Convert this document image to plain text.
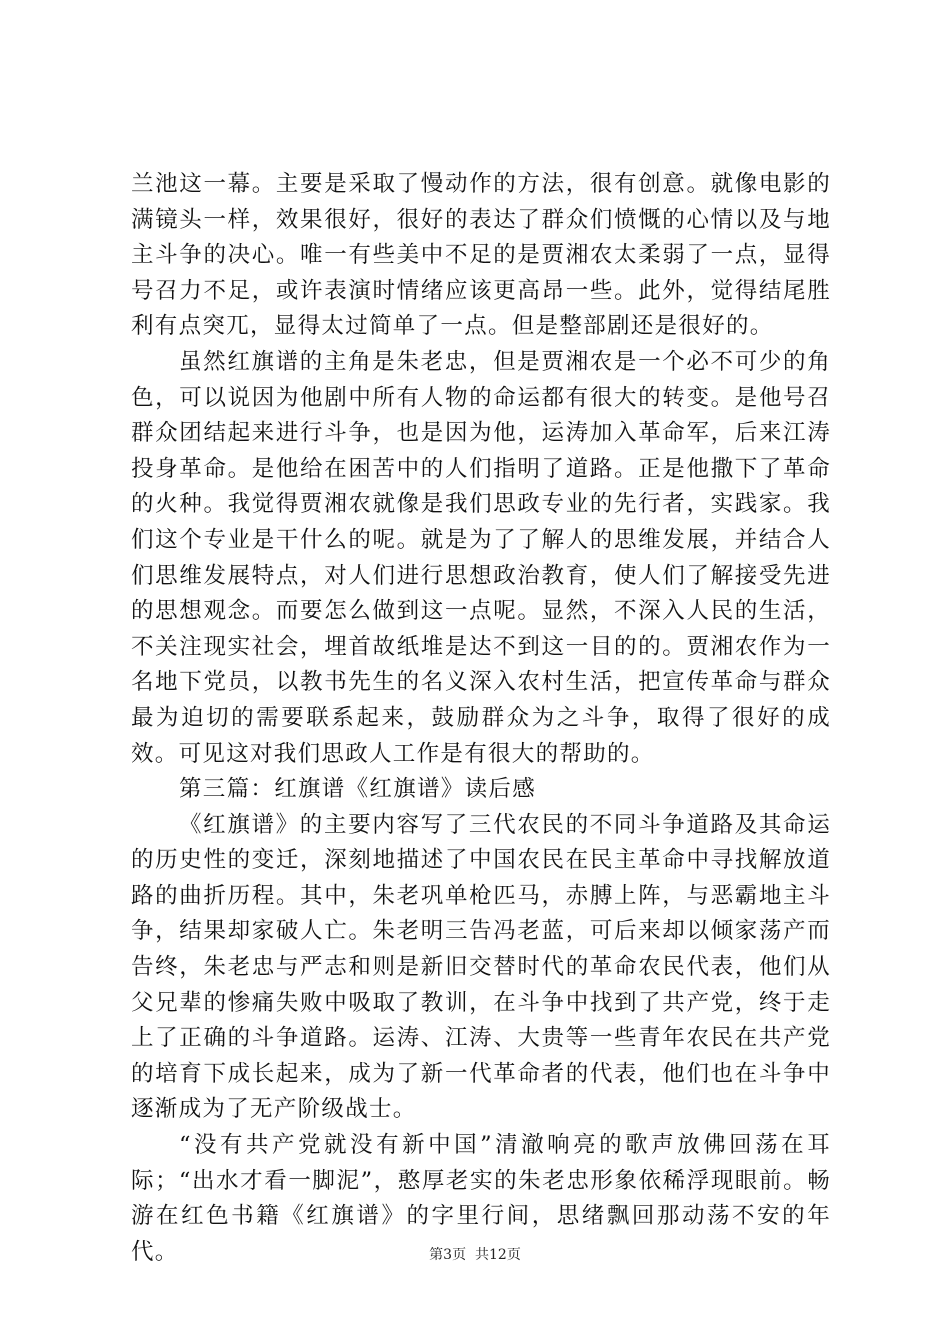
兰池这一幕。主要是采取了慢动作的方法，很有创意。就像电影的满镜头一样，效果很好，很好的表达了群众们愤慨的心情以及与地主斗争的决心。唯一有些美中不足的是贾湘农太柔弱了一点，显得号召力不足，或许表演时情绪应该更高昂一些。此外，觉得结尾胜利有点突兀，显得太过简单了一点。但是整部剧还是很好的。

虽然红旗谱的主角是朱老忠，但是贾湘农是一个必不可少的角色，可以说因为他剧中所有人物的命运都有很大的转变。是他号召群众团结起来进行斗争，也是因为他，运涛加入革命军，后来江涛投身革命。是他给在困苦中的人们指明了道路。正是他撒下了革命的火种。我觉得贾湘农就像是我们思政专业的先行者，实践家。我们这个专业是干什么的呢。就是为了了解人的思维发展，并结合人们思维发展特点，对人们进行思想政治教育，使人们了解接受先进的思想观念。而要怎么做到这一点呢。显然，不深入人民的生活，不关注现实社会，埋首故纸堆是达不到这一目的的。贾湘农作为一名地下党员，以教书先生的名义深入农村生活，把宣传革命与群众最为迫切的需要联系起来，鼓励群众为之斗争，取得了很好的成效。可见这对我们思政人工作是有很大的帮助的。

第三篇：红旗谱《红旗谱》读后感

《红旗谱》的主要内容写了三代农民的不同斗争道路及其命运的历史性的变迁，深刻地描述了中国农民在民主革命中寻找解放道路的曲折历程。其中，朱老巩单枪匹马，赤膊上阵，与恶霸地主斗争，结果却家破人亡。朱老明三告冯老蓝，可后来却以倾家荡产而告终，朱老忠与严志和则是新旧交替时代的革命农民代表，他们从父兄辈的惨痛失败中吸取了教训，在斗争中找到了共产党，终于走上了正确的斗争道路。运涛、江涛、大贵等一些青年农民在共产党的培育下成长起来，成为了新一代革命者的代表，他们也在斗争中逐渐成为了无产阶级战士。

“没有共产党就没有新中国”清澈响亮的歌声放佛回荡在耳际；“出水才看一脚泥”，憨厚老实的朱老忠形象依稀浮现眼前。畅游在红色书籍《红旗谱》的字里行间，思绪飘回那动荡不安的年代。	第3页  共12页
